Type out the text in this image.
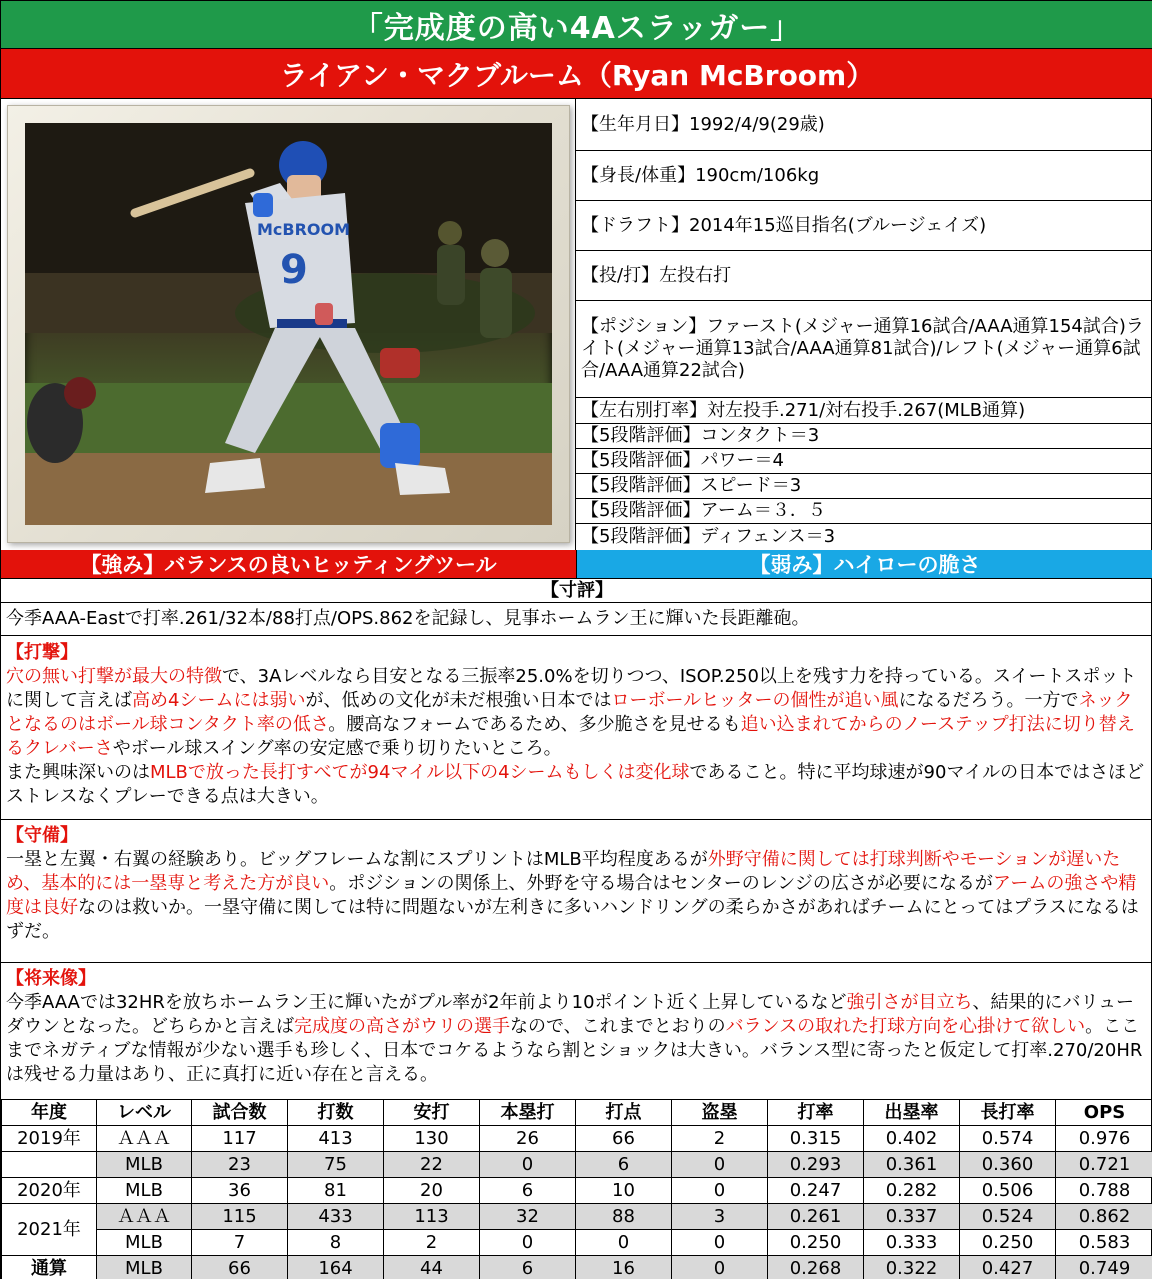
「完成度の高い4Aスラッガー」
ライアン・マクブルーム（Ryan McBroom）
McBROOM
9
【生年月日】1992/4/9(29歳)
【身長/体重】190cm/106kg
【ドラフト】2014年15巡目指名(ブルージェイズ)
【投/打】左投右打
【ポジション】ファースト(メジャー通算16試合/AAA通算154試合)ライト(メジャー通算13試合/AAA通算81試合)/レフト(メジャー通算6試合/AAA通算22試合)
【左右別打率】対左投手.271/対右投手.267(MLB通算)
【5段階評価】コンタクト＝3
【5段階評価】パワー＝4
【5段階評価】スピード＝3
【5段階評価】アーム＝３．５
【5段階評価】ディフェンス＝3
【強み】バランスの良いヒッティングツール	【弱み】ハイローの脆さ
【寸評】
今季AAA-Eastで打率.261/32本/88打点/OPS.862を記録し、見事ホームラン王に輝いた長距離砲。
【打撃】
穴の無い打撃が最大の特徴で、3Aレベルなら目安となる三振率25.0%を切りつつ、ISOP.250以上を残す力を持っている。スイートスポットに関して言えば高め4シームには弱いが、低めの文化が未だ根強い日本ではローボールヒッターの個性が追い風になるだろう。一方でネックとなるのはボール球コンタクト率の低さ。腰高なフォームであるため、多少脆さを見せるも追い込まれてからのノーステップ打法に切り替えるクレバーさやボール球スイング率の安定感で乗り切りたいところ。
また興味深いのはMLBで放った長打すべてが94マイル以下の4シームもしくは変化球であること。特に平均球速が90マイルの日本ではさほどストレスなくプレーできる点は大きい。
【守備】
一塁と左翼・右翼の経験あり。ビッグフレームな割にスプリントはMLB平均程度あるが外野守備に関しては打球判断やモーションが遅いため、基本的には一塁専と考えた方が良い。ポジションの関係上、外野を守る場合はセンターのレンジの広さが必要になるがアームの強さや精度は良好なのは救いか。一塁守備に関しては特に問題ないが左利きに多いハンドリングの柔らかさがあればチームにとってはプラスになるはずだ。
【将来像】
今季AAAでは32HRを放ちホームラン王に輝いたがプル率が2年前より10ポイント近く上昇しているなど強引さが目立ち、結果的にバリューダウンとなった。どちらかと言えば完成度の高さがウリの選手なので、これまでとおりのバランスの取れた打球方向を心掛けて欲しい。ここまでネガティブな情報が少ない選手も珍しく、日本でコケるようなら割とショックは大きい。バランス型に寄ったと仮定して打率.270/20HRは残せる力量はあり、正に真打に近い存在と言える。
年度	レベル	試合数	打数	安打	本塁打	打点	盗塁	打率	出塁率	長打率	OPS
2019年	ＡＡＡ	117	413	130	26	66	2	0.315	0.402	0.574	0.976
	MLB	23	75	22	0	6	0	0.293	0.361	0.360	0.721
2020年	MLB	36	81	20	6	10	0	0.247	0.282	0.506	0.788
2021年	ＡＡＡ	115	433	113	32	88	3	0.261	0.337	0.524	0.862
	MLB	7	8	2	0	0	0	0.250	0.333	0.250	0.583
通算	MLB	66	164	44	6	16	0	0.268	0.322	0.427	0.749
